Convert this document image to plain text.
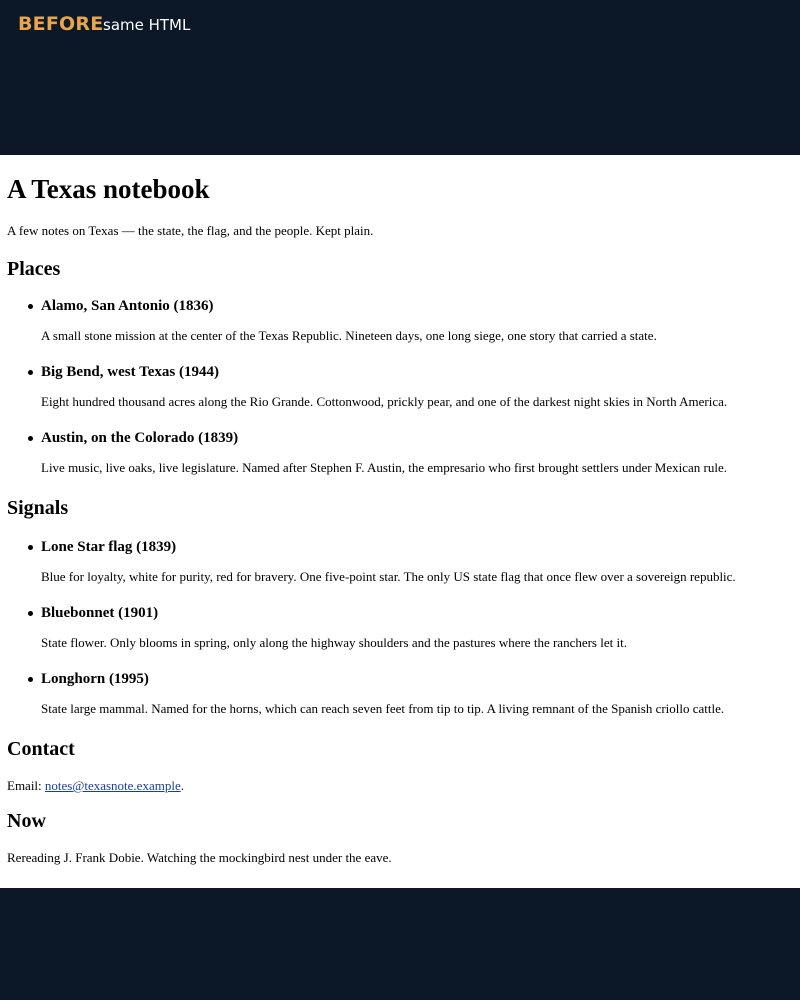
BEFORE same HTML
A Texas notebook

A few notes on Texas — the state, the flag, and the people. Kept plain.

Places
Alamo, San Antonio (1836)
A small stone mission at the center of the Texas Republic. Nineteen days, one long siege, one story that carried a state.
Big Bend, west Texas (1944)
Eight hundred thousand acres along the Rio Grande. Cottonwood, prickly pear, and one of the darkest night skies in North America.
Austin, on the Colorado (1839)
Live music, live oaks, live legislature. Named after Stephen F. Austin, the empresario who first brought settlers under Mexican rule.
Signals
Lone Star flag (1839)
Blue for loyalty, white for purity, red for bravery. One five-point star. The only US state flag that once flew over a sovereign republic.
Bluebonnet (1901)
State flower. Only blooms in spring, only along the highway shoulders and the pastures where the ranchers let it.
Longhorn (1995)
State large mammal. Named for the horns, which can reach seven feet from tip to tip. A living remnant of the Spanish criollo cattle.
Contact

Email: notes@texasnote.example.

Now

Rereading J. Frank Dobie. Watching the mockingbird nest under the eave.
